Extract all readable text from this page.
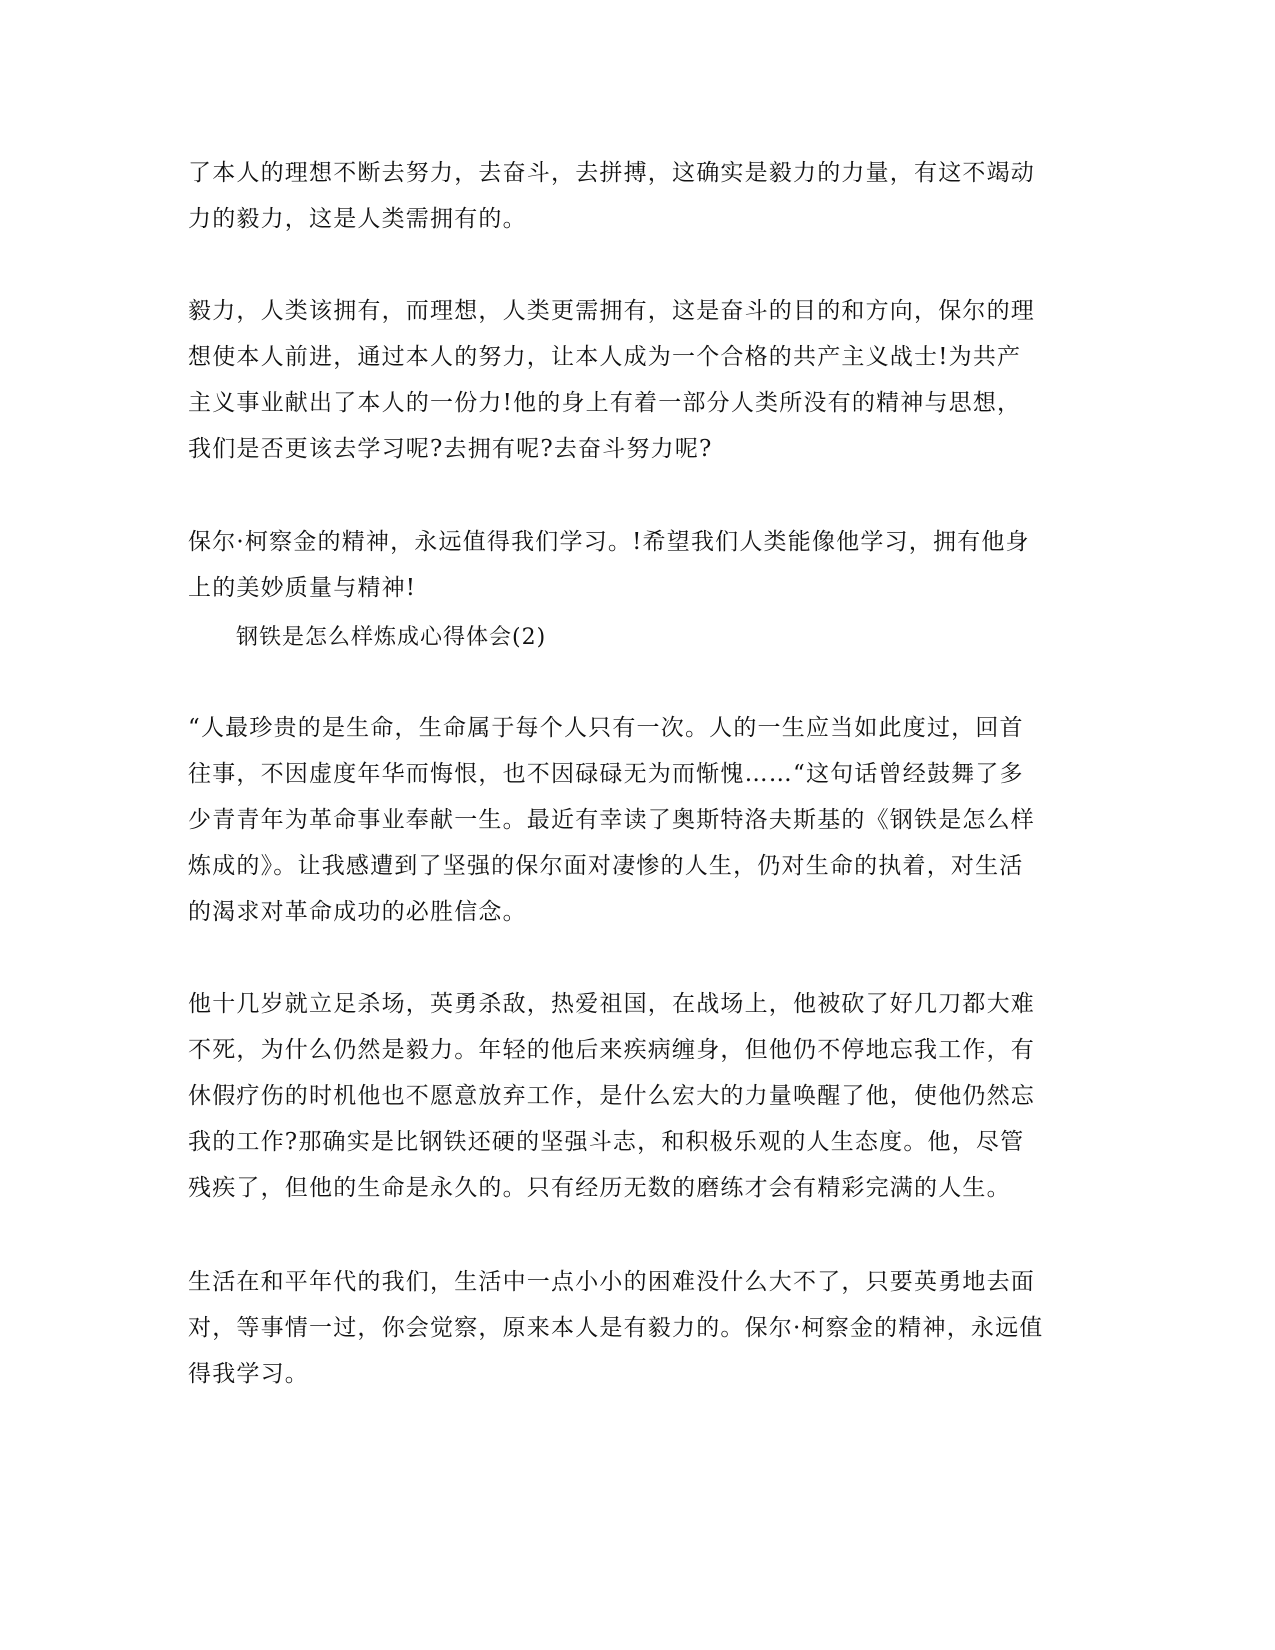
了本人的理想不断去努力，去奋斗，去拼搏，这确实是毅力的力量，有这不竭动
力的毅力，这是人类需拥有的。

毅力，人类该拥有，而理想，人类更需拥有，这是奋斗的目的和方向，保尔的理
想使本人前进，通过本人的努力，让本人成为一个合格的共产主义战士!为共产
主义事业献出了本人的一份力!他的身上有着一部分人类所没有的精神与思想，
我们是否更该去学习呢?去拥有呢?去奋斗努力呢?

保尔·柯察金的精神，永远值得我们学习。!希望我们人类能像他学习，拥有他身
上的美妙质量与精神!

钢铁是怎么样炼成心得体会(2)

“人最珍贵的是生命，生命属于每个人只有一次。人的一生应当如此度过，回首
往事，不因虚度年华而悔恨，也不因碌碌无为而惭愧……“这句话曾经鼓舞了多
少青青年为革命事业奉献一生。最近有幸读了奥斯特洛夫斯基的《钢铁是怎么样
炼成的》。让我感遭到了坚强的保尔面对凄惨的人生，仍对生命的执着，对生活
的渴求对革命成功的必胜信念。

他十几岁就立足杀场，英勇杀敌，热爱祖国，在战场上，他被砍了好几刀都大难
不死，为什么仍然是毅力。年轻的他后来疾病缠身，但他仍不停地忘我工作，有
休假疗伤的时机他也不愿意放弃工作，是什么宏大的力量唤醒了他，使他仍然忘
我的工作?那确实是比钢铁还硬的坚强斗志，和积极乐观的人生态度。他，尽管
残疾了，但他的生命是永久的。只有经历无数的磨练才会有精彩完满的人生。

生活在和平年代的我们，生活中一点小小的困难没什么大不了，只要英勇地去面
对，等事情一过，你会觉察，原来本人是有毅力的。保尔·柯察金的精神，永远值
得我学习。
